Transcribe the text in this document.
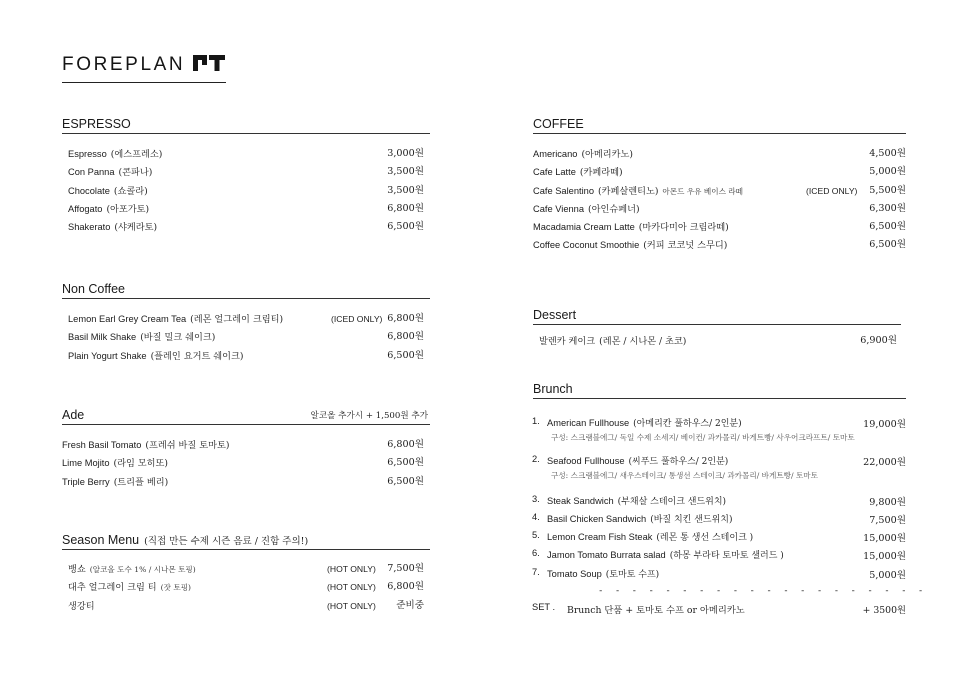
FOREPLAN
ESPRESSO
Espresso (에스프레소)	3,000원
Con Panna (콘파나)	3,500원
Chocolate (쇼콜라)	3,500원
Affogato (아포가토)	6,800원
Shakerato (샤케라토)	6,500원
Non Coffee
Lemon Earl Grey Cream Tea (레몬 얼그레이 크림티)	(ICED ONLY) 6,800원
Basil Milk Shake (바질 밀크 쉐이크)	6,800원
Plain Yogurt Shake (플레인 요거트 쉐이크)	6,500원
Ade	알코올 추가시 + 1,500원 추가
Fresh Basil Tomato (프레쉬 바질 토마토)	6,800원
Lime Mojito (라임 모히또)	6,500원
Triple Berry (트리플 베리)	6,500원
Season Menu (직접 만든 수제 시즌 음료 / 진함 주의!)
뱅쇼 (알코올 도수 1% / 시나몬 토핑)	(HOT ONLY) 7,500원
대추 얼그레이 크림 티 (잣 토핑)	(HOT ONLY) 6,800원
생강티	(HOT ONLY) 준비중
COFFEE
Americano (아메리카노)	4,500원
Cafe Latte (카페라떼)	5,000원
Cafe Salentino (카페살렌티노) 아몬드 우유 베이스 라떼	(ICED ONLY) 5,500원
Cafe Vienna (아인슈페너)	6,300원
Macadamia Cream Latte (마카다미아 크림라떼)	6,500원
Coffee Coconut Smoothie (커피 코코넛 스무디)	6,500원
Dessert
발렌카 케이크 (레몬 / 시나몬 / 초코)	6,900원
Brunch
1. American Fullhouse (아메리칸 풀하우스/ 2인분)	19,000원
구성: 스크램블에그/ 독일 수제 소세지/ 베이컨/ 과카몰리/ 바게트빵/ 사우어크라프트/ 토마토
2. Seafood Fullhouse (씨푸드 풀하우스/ 2인분)	22,000원
구성: 스크램블에그/ 새우스테이크/ 통생선 스테이크/ 과카몰리/ 바게트빵/ 토마토
3. Steak Sandwich (부채살 스테이크 샌드위치)	9,800원
4. Basil Chicken Sandwich (바질 치킨 샌드위치)	7,500원
5. Lemon Cream Fish Steak (레몬 통 생선 스테이크 )	15,000원
6. Jamon Tomato Burrata salad (하몽 부라타 토마토 샐러드 )	15,000원
7. Tomato Soup (토마토 수프)	5,000원
- - - - - - - - - - - - - - - - - - - -
SET . Brunch 단품 + 토마토 수프 or 아메리카노	+ 3500원
